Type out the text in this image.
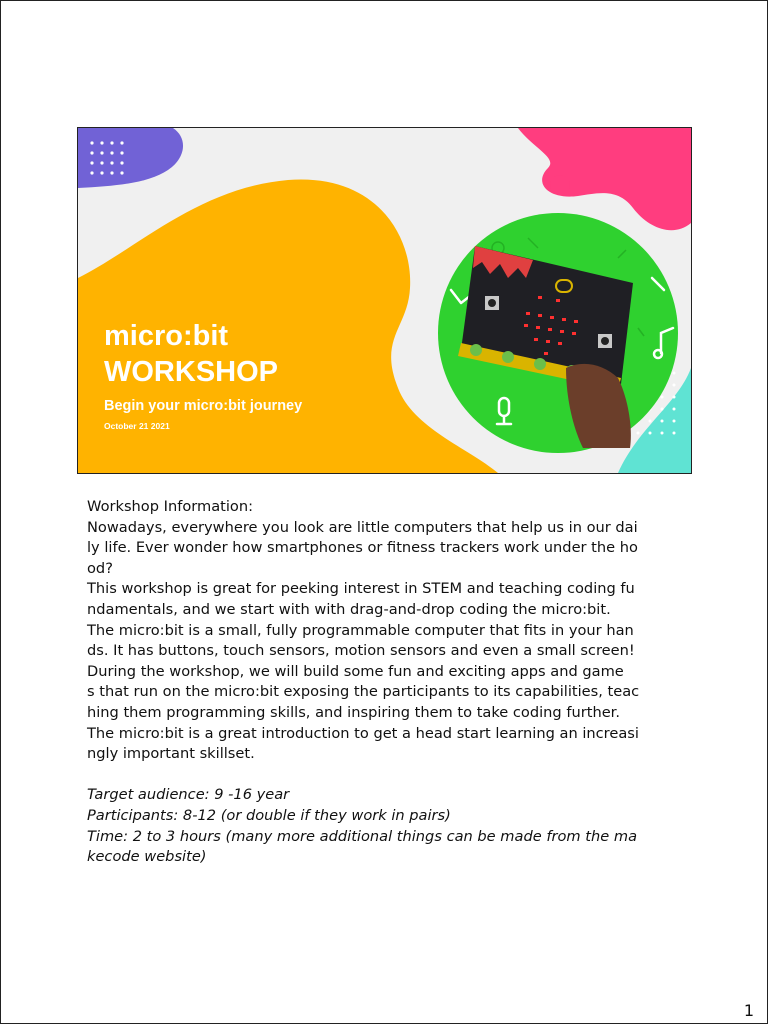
micro:bit
WORKSHOP
Begin your micro:bit journey
October 21 2021

Workshop Information:

Nowadays, everywhere you look are little computers that help us in our dai
ly life. Ever wonder how smartphones or fitness trackers work under the ho
od?

This workshop is great for peeking interest in STEM and teaching coding fu
ndamentals, and we start with with drag-and-drop coding the micro:bit.

The micro:bit is a small, fully programmable computer that fits in your han
ds. It has buttons, touch sensors, motion sensors and even a small screen!

During the workshop, we will build some fun and exciting apps and game
s that run on the micro:bit exposing the participants to its capabilities, teac
hing them programming skills, and inspiring them to take coding further.

The micro:bit is a great introduction to get a head start learning an increasi
ngly important skillset.

Target audience: 9 -16 year

Participants: 8-12 (or double if they work in pairs)

Time: 2 to 3 hours (many more additional things can be made from the ma
kecode website)

1
